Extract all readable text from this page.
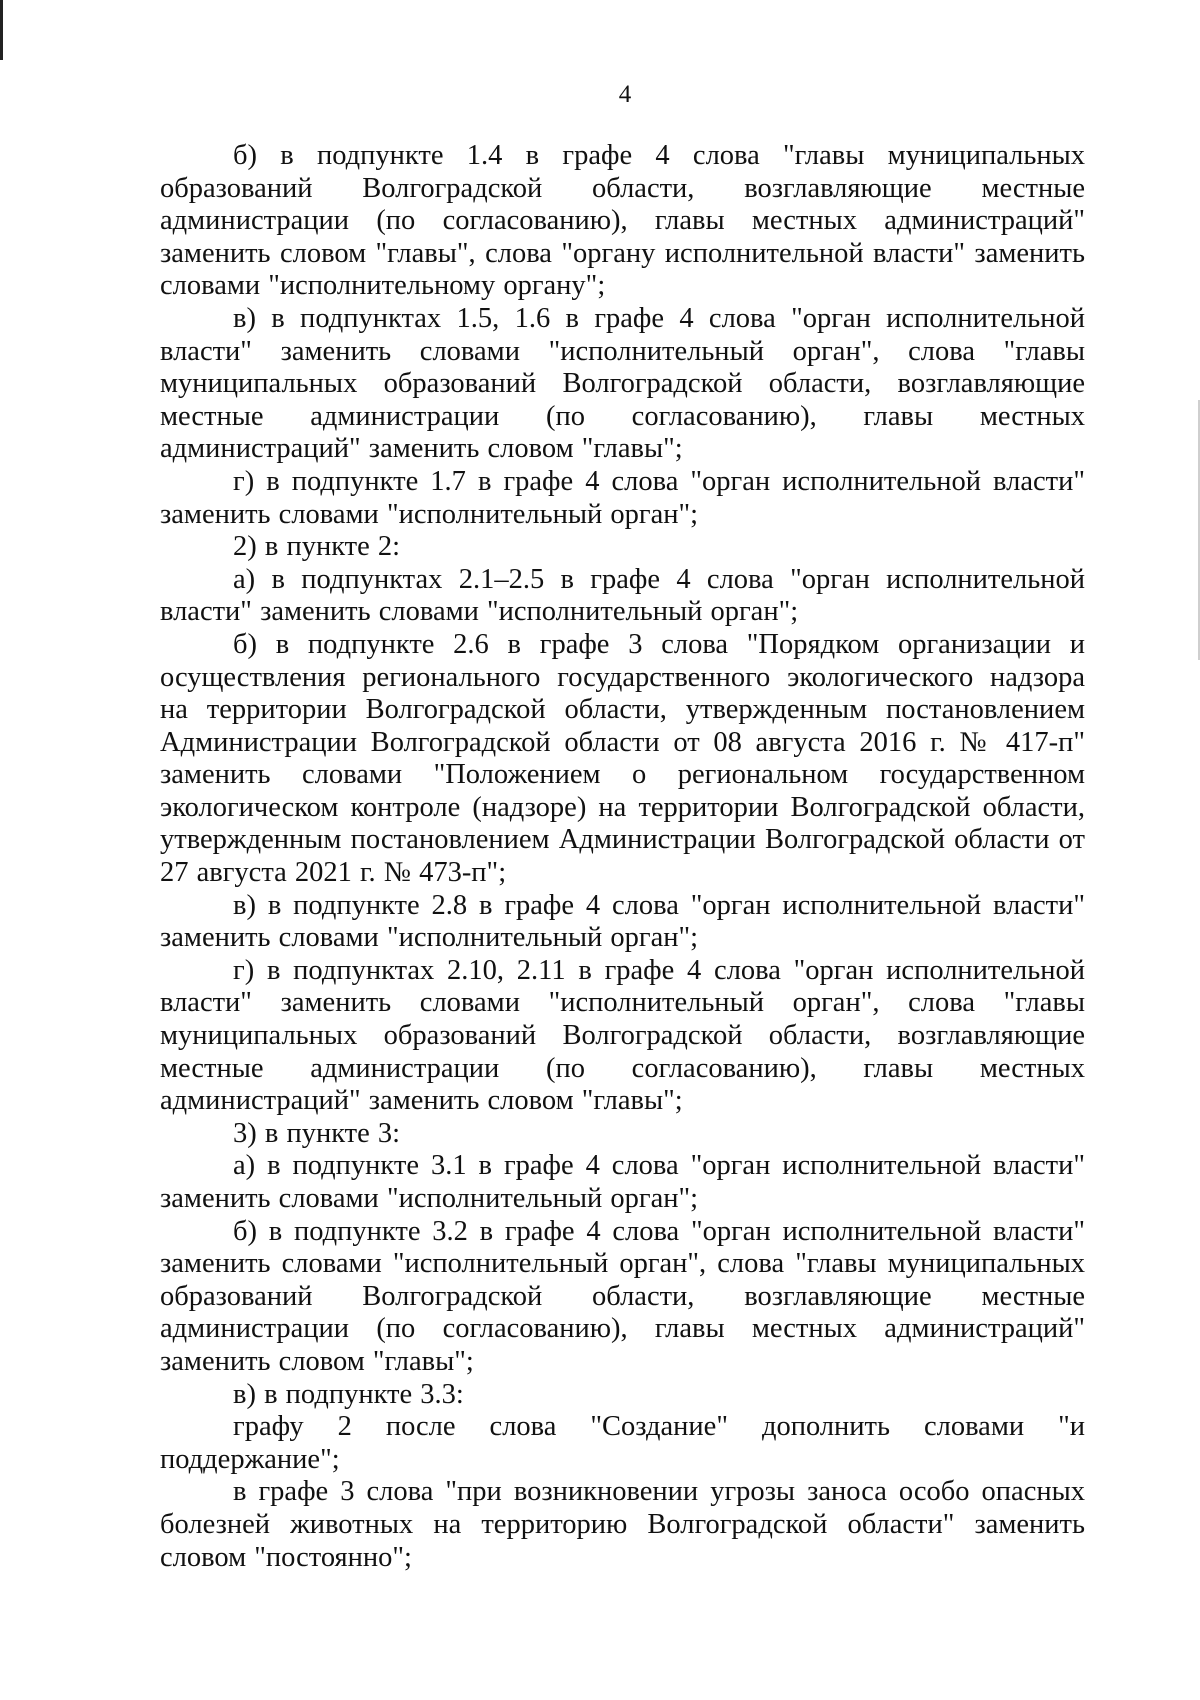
4

б) в подпункте 1.4 в графе 4 слова "главы муниципальных образований Волгоградской области, возглавляющие местные администрации (по согласованию), главы местных администраций" заменить словом "главы", слова "органу исполнительной власти" заменить словами "исполнительному органу";

в) в подпунктах 1.5, 1.6 в графе 4 слова "орган исполнительной власти" заменить словами "исполнительный орган", слова "главы муниципальных образований Волгоградской области, возглавляющие местные администрации (по согласованию), главы местных администраций" заменить словом "главы";

г) в подпункте 1.7 в графе 4 слова "орган исполнительной власти" заменить словами "исполнительный орган";

2) в пункте 2:

а) в подпунктах 2.1–2.5 в графе 4 слова "орган исполнительной власти" заменить словами "исполнительный орган";

б) в подпункте 2.6 в графе 3 слова "Порядком организации и осуществления регионального государственного экологического надзора на территории Волгоградской области, утвержденным постановлением Администрации Волгоградской области от 08 августа 2016 г. № 417-п" заменить словами "Положением о региональном государственном экологическом контроле (надзоре) на территории Волгоградской области, утвержденным постановлением Администрации Волгоградской области от 27 августа 2021 г. № 473-п";

в) в подпункте 2.8 в графе 4 слова "орган исполнительной власти" заменить словами "исполнительный орган";

г) в подпунктах 2.10, 2.11 в графе 4 слова "орган исполнительной власти" заменить словами "исполнительный орган", слова "главы муниципальных образований Волгоградской области, возглавляющие местные администрации (по согласованию), главы местных администраций" заменить словом "главы";

3) в пункте 3:

а) в подпункте 3.1 в графе 4 слова "орган исполнительной власти" заменить словами "исполнительный орган";

б) в подпункте 3.2 в графе 4 слова "орган исполнительной власти" заменить словами "исполнительный орган", слова "главы муниципальных образований Волгоградской области, возглавляющие местные администрации (по согласованию), главы местных администраций" заменить словом "главы";

в) в подпункте 3.3:

графу 2 после слова "Создание" дополнить словами "и поддержание";

в графе 3 слова "при возникновении угрозы заноса особо опасных болезней животных на территорию Волгоградской области" заменить словом "постоянно";
